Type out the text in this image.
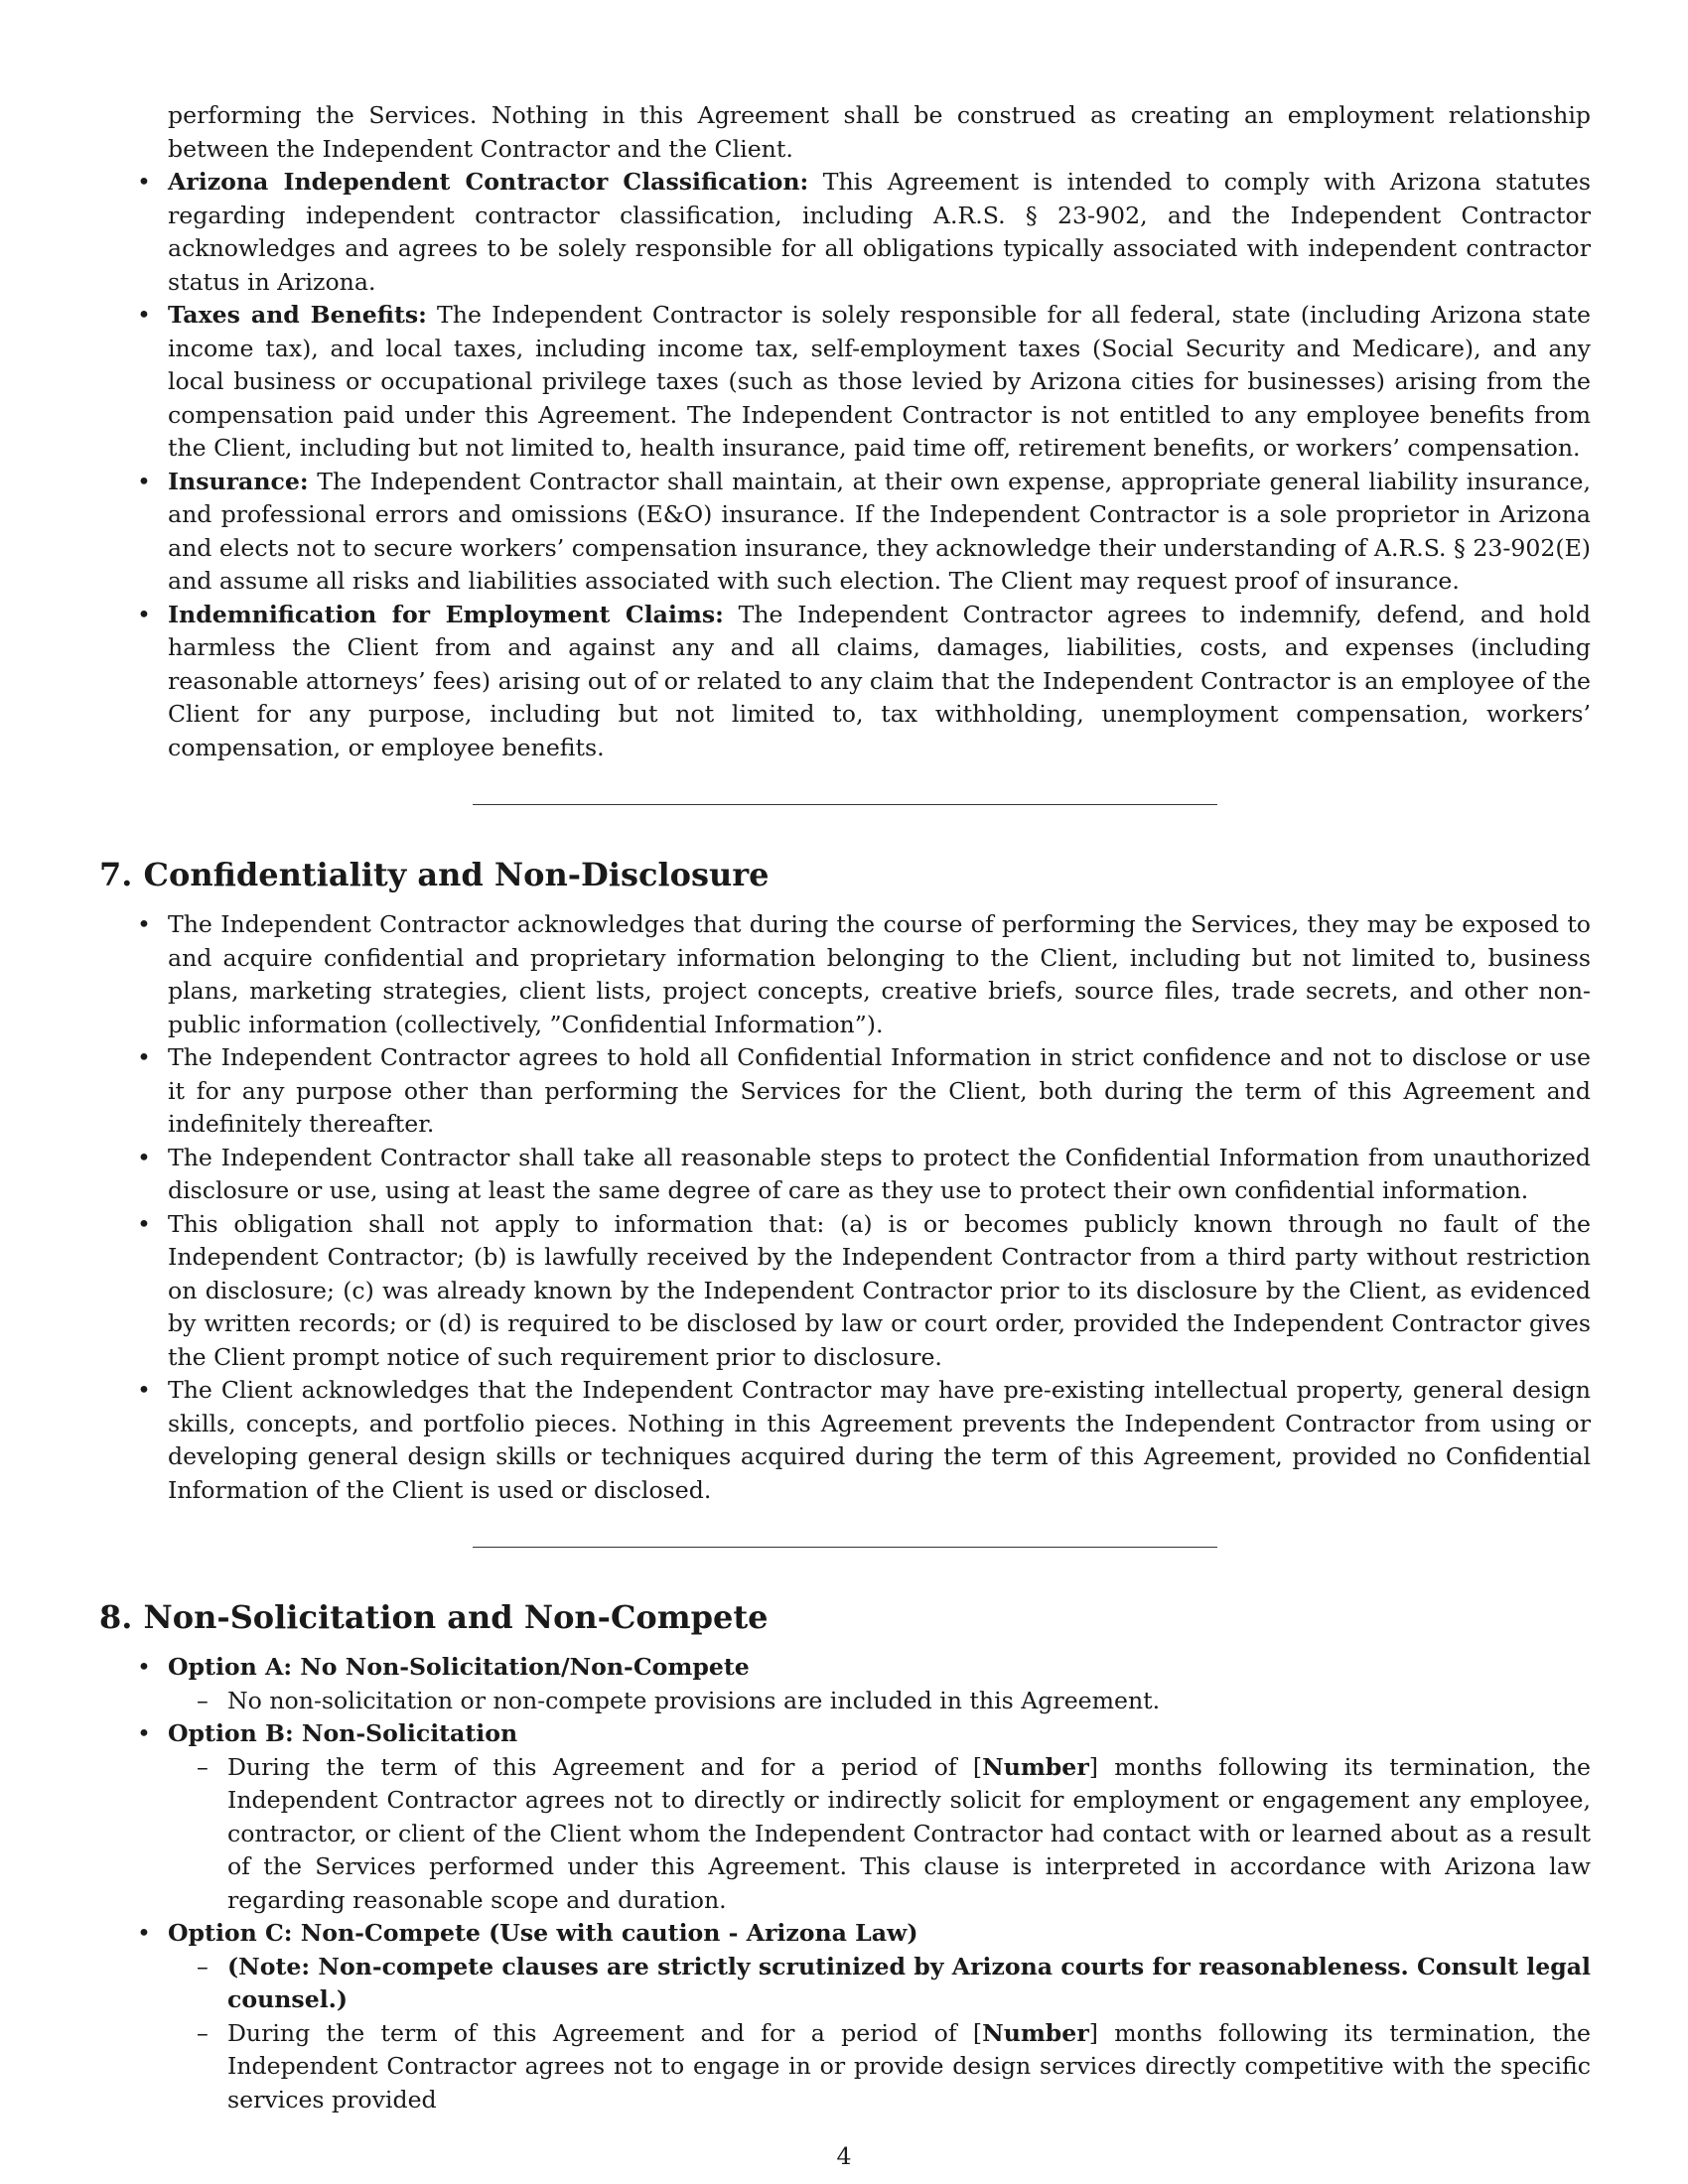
performing the Services. Nothing in this Agreement shall be construed as creating an employment relationship between the Independent Contractor and the Client.
• Arizona Independent Contractor Classification: This Agreement is intended to comply with Arizona statutes regarding independent contractor classification, including A.R.S. § 23-902, and the Independent Contractor acknowledges and agrees to be solely responsible for all obligations typically associated with independent contractor status in Arizona.
• Taxes and Benefits: The Independent Contractor is solely responsible for all federal, state (including Arizona state income tax), and local taxes, including income tax, self-employment taxes (Social Security and Medicare), and any local business or occupational privilege taxes (such as those levied by Arizona cities for businesses) arising from the compensation paid under this Agreement. The Independent Contractor is not entitled to any employee benefits from the Client, including but not limited to, health insurance, paid time off, retirement benefits, or workers’ compensation.
• Insurance: The Independent Contractor shall maintain, at their own expense, appropriate general liability insurance, and professional errors and omissions (E&O) insurance. If the Independent Contractor is a sole proprietor in Arizona and elects not to secure workers’ compensation insurance, they acknowledge their understanding of A.R.S. § 23-902(E) and assume all risks and liabilities associated with such election. The Client may request proof of insurance.
• Indemnification for Employment Claims: The Independent Contractor agrees to indemnify, defend, and hold harmless the Client from and against any and all claims, damages, liabilities, costs, and expenses (including reasonable attorneys’ fees) arising out of or related to any claim that the Independent Contractor is an employee of the Client for any purpose, including but not limited to, tax withholding, unemployment compensation, workers’ compensation, or employee benefits.
7. Confidentiality and Non-Disclosure
• The Independent Contractor acknowledges that during the course of performing the Services, they may be exposed to and acquire confidential and proprietary information belonging to the Client, including but not limited to, business plans, marketing strategies, client lists, project concepts, creative briefs, source files, trade secrets, and other non-public information (collectively, ”Confidential Information”).
• The Independent Contractor agrees to hold all Confidential Information in strict confidence and not to disclose or use it for any purpose other than performing the Services for the Client, both during the term of this Agreement and indefinitely thereafter.
• The Independent Contractor shall take all reasonable steps to protect the Confidential Information from unauthorized disclosure or use, using at least the same degree of care as they use to protect their own confidential information.
• This obligation shall not apply to information that: (a) is or becomes publicly known through no fault of the Independent Contractor; (b) is lawfully received by the Independent Contractor from a third party without restriction on disclosure; (c) was already known by the Independent Contractor prior to its disclosure by the Client, as evidenced by written records; or (d) is required to be disclosed by law or court order, provided the Independent Contractor gives the Client prompt notice of such requirement prior to disclosure.
• The Client acknowledges that the Independent Contractor may have pre-existing intellectual property, general design skills, concepts, and portfolio pieces. Nothing in this Agreement prevents the Independent Contractor from using or developing general design skills or techniques acquired during the term of this Agreement, provided no Confidential Information of the Client is used or disclosed.
8. Non-Solicitation and Non-Compete
• Option A: No Non-Solicitation/Non-Compete
– No non-solicitation or non-compete provisions are included in this Agreement.
• Option B: Non-Solicitation
– During the term of this Agreement and for a period of [Number] months following its termination, the Independent Contractor agrees not to directly or indirectly solicit for employment or engagement any employee, contractor, or client of the Client whom the Independent Contractor had contact with or learned about as a result of the Services performed under this Agreement. This clause is interpreted in accordance with Arizona law regarding reasonable scope and duration.
• Option C: Non-Compete (Use with caution - Arizona Law)
– (Note: Non-compete clauses are strictly scrutinized by Arizona courts for reasonableness. Consult legal counsel.)
– During the term of this Agreement and for a period of [Number] months following its termination, the Independent Contractor agrees not to engage in or provide design services directly competitive with the specific services provided
4
